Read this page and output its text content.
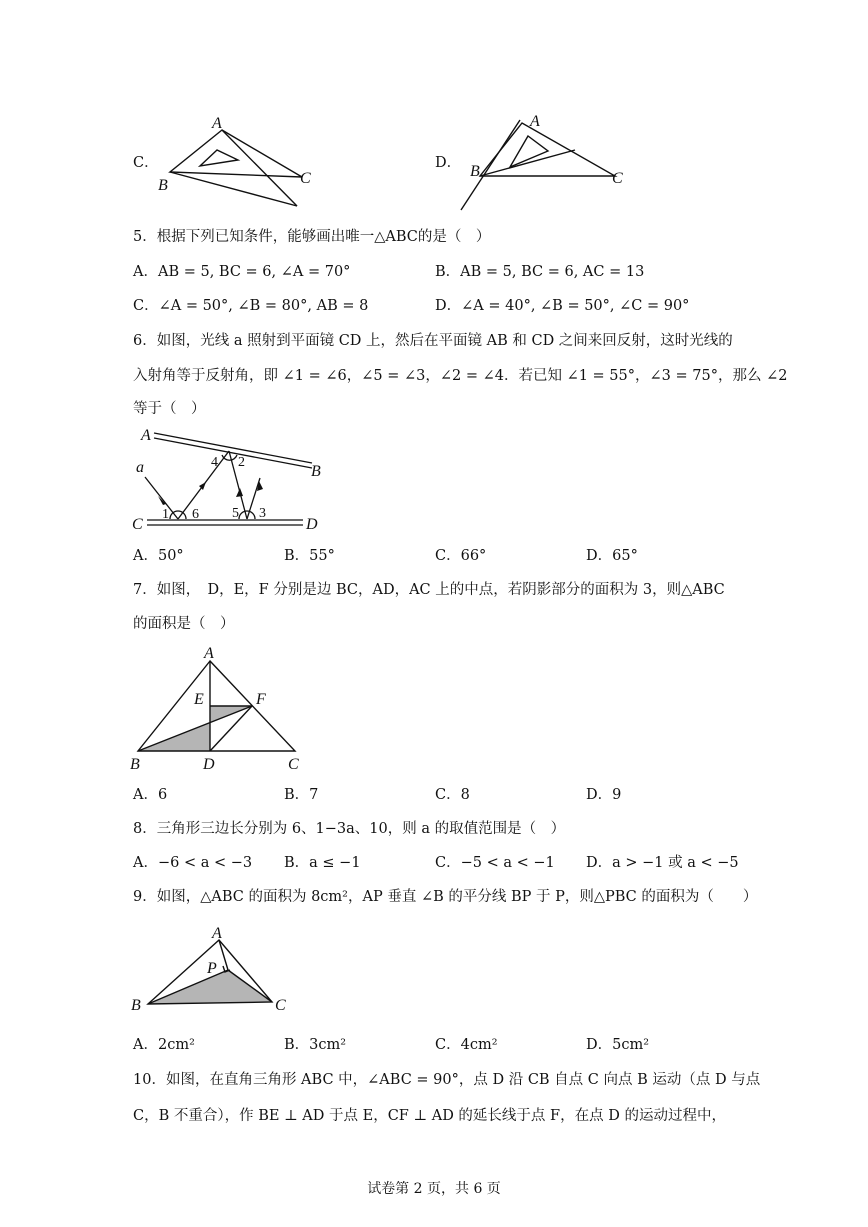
C．
A
B	C
D．
A
B	C
5．根据下列已知条件，能够画出唯一△ABC的是（　）
A．AB = 5, BC = 6, ∠A = 70°	B．AB = 5, BC = 6, AC = 13
C．∠A = 50°, ∠B = 80°, AB = 8	D．∠A = 40°, ∠B = 50°, ∠C = 90°
6．如图，光线 a 照射到平面镜 CD 上，然后在平面镜 AB 和 CD 之间来回反射，这时光线的
入射角等于反射角，即 ∠1 = ∠6，∠5 = ∠3，∠2 = ∠4．若已知 ∠1 = 55°，∠3 = 75°，那么 ∠2
等于（　）
A
B
C	D
a
1 6
4 2
5 3
A．50°	B．55°	C．66°	D．65°
7．如图，　D，E，F 分别是边 BC，AD，AC 上的中点，若阴影部分的面积为 3，则△ABC
的面积是（　）
A
B	C
D
E	F
A．6	B．7	C．8	D．9
8．三角形三边长分别为 6、1−3a、10，则 a 的取值范围是（　）
A．−6 < a < −3 B．a ≤ −1	C．−5 < a < −1 D．a > −1 或 a < −5
9．如图，△ABC 的面积为 8cm²，AP 垂直 ∠B 的平分线 BP 于 P，则△PBC 的面积为（　　）
A
B	C
P
A．2cm²	B．3cm²	C．4cm²	D．5cm²
10．如图，在直角三角形 ABC 中，∠ABC = 90°，点 D 沿 CB 自点 C 向点 B 运动（点 D 与点
C，B 不重合），作 BE ⊥ AD 于点 E，CF ⊥ AD 的延长线于点 F，在点 D 的运动过程中，
试卷第 2 页，共 6 页
